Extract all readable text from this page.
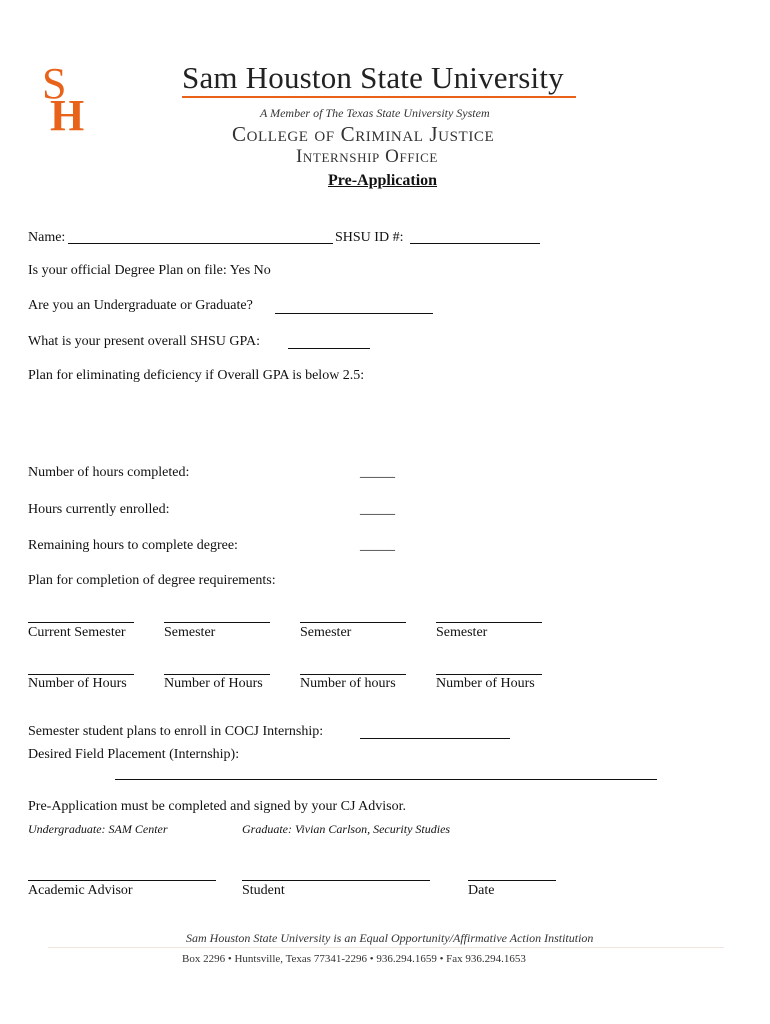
S
H
Sam Houston State University
A Member of The Texas State University System
College of Criminal Justice
Internship Office
Pre-Application
Name:	SHSU ID #:
Is your official Degree Plan on file: Yes No
Are you an Undergraduate or Graduate?
What is your present overall SHSU GPA:
Plan for eliminating deficiency if Overall GPA is below 2.5:
Number of hours completed:	_____
Hours currently enrolled:	_____
Remaining hours to complete degree:	_____
Plan for completion of degree requirements:
Current Semester	Semester	Semester	Semester
Number of Hours	Number of Hours	Number of hours	Number of Hours
Semester student plans to enroll in COCJ Internship:
Desired Field Placement (Internship):
Pre-Application must be completed and signed by your CJ Advisor.
Undergraduate: SAM Center	Graduate: Vivian Carlson, Security Studies
Academic Advisor	Student	Date
Sam Houston State University is an Equal Opportunity/Affirmative Action Institution
Box 2296 • Huntsville, Texas 77341-2296 • 936.294.1659 • Fax 936.294.1653
